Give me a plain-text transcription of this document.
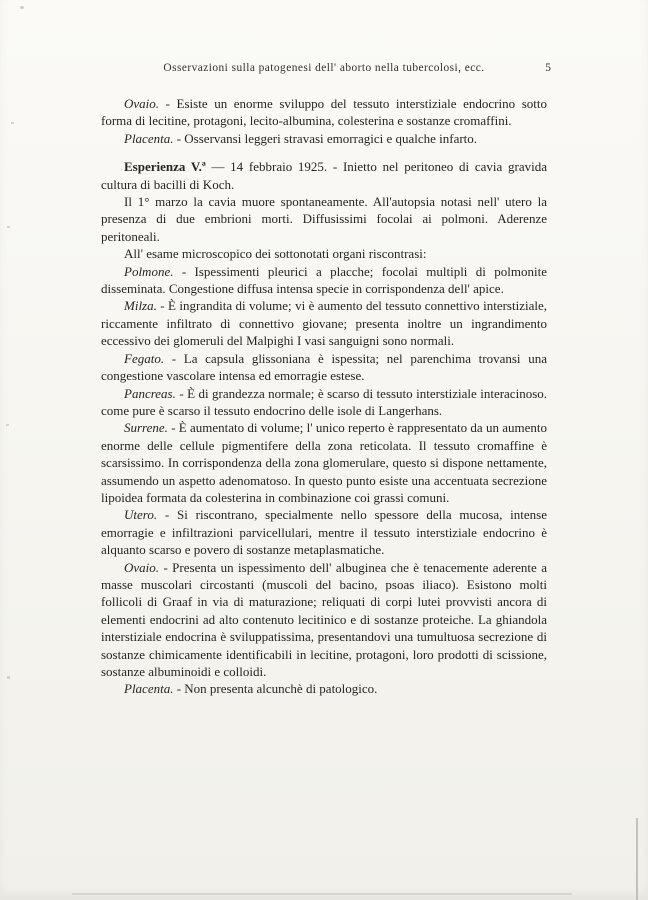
Osservazioni sulla patogenesi dell' aborto nella tubercolosi, ecc.	5

Ovaio. - Esiste un enorme sviluppo del tessuto interstiziale endocrino sotto forma di lecitine, protagoni, lecito-albumina, colesterina e sostanze cromaffini.

Placenta. - Osservansi leggeri stravasi emorragici e qualche infarto.

Esperienza V.ª — 14 febbraio 1925. - Inietto nel peritoneo di cavia gravida cultura di bacilli di Koch.

Il 1° marzo la cavia muore spontaneamente. All'autopsia notasi nell' utero la presenza di due embrioni morti. Diffusissimi focolai ai polmoni. Aderenze peritoneali.

All' esame microscopico dei sottonotati organi riscontrasi:

Polmone. - Ispessimenti pleurici a placche; focolai multipli di polmonite disseminata. Congestione diffusa intensa specie in corrispondenza dell' apice.

Milza. - È ingrandita di volume; vi è aumento del tessuto connettivo interstiziale, riccamente infiltrato di connettivo giovane; presenta inoltre un ingrandimento eccessivo dei glomeruli del Malpighi I vasi sanguigni sono normali.

Fegato. - La capsula glissoniana è ispessita; nel parenchima trovansi una congestione vascolare intensa ed emorragie estese.

Pancreas. - È di grandezza normale; è scarso di tessuto interstiziale interacinoso. come pure è scarso il tessuto endocrino delle isole di Langerhans.

Surrene. - È aumentato di volume; l' unico reperto è rappresentato da un aumento enorme delle cellule pigmentifere della zona reticolata. Il tessuto cromaffine è scarsissimo. In corrispondenza della zona glomerulare, questo si dispone nettamente, assumendo un aspetto adenomatoso. In questo punto esiste una accentuata secrezione lipoidea formata da colesterina in combinazione coi grassi comuni.

Utero. - Si riscontrano, specialmente nello spessore della mucosa, intense emorragie e infiltrazioni parvicellulari, mentre il tessuto interstiziale endocrino è alquanto scarso e povero di sostanze metaplasmatiche.

Ovaio. - Presenta un ispessimento dell' albuginea che è tenacemente aderente a masse muscolari circostanti (muscoli del bacino, psoas iliaco). Esistono molti follicoli di Graaf in via di maturazione; reliquati di corpi lutei provvisti ancora di elementi endocrini ad alto contenuto lecitinico e di sostanze proteiche. La ghiandola interstiziale endocrina è sviluppatissima, presentandovi una tumultuosa secrezione di sostanze chimicamente identificabili in lecitine, protagoni, loro prodotti di scissione, sostanze albuminoidi e colloidi.

Placenta. - Non presenta alcunchè di patologico.
